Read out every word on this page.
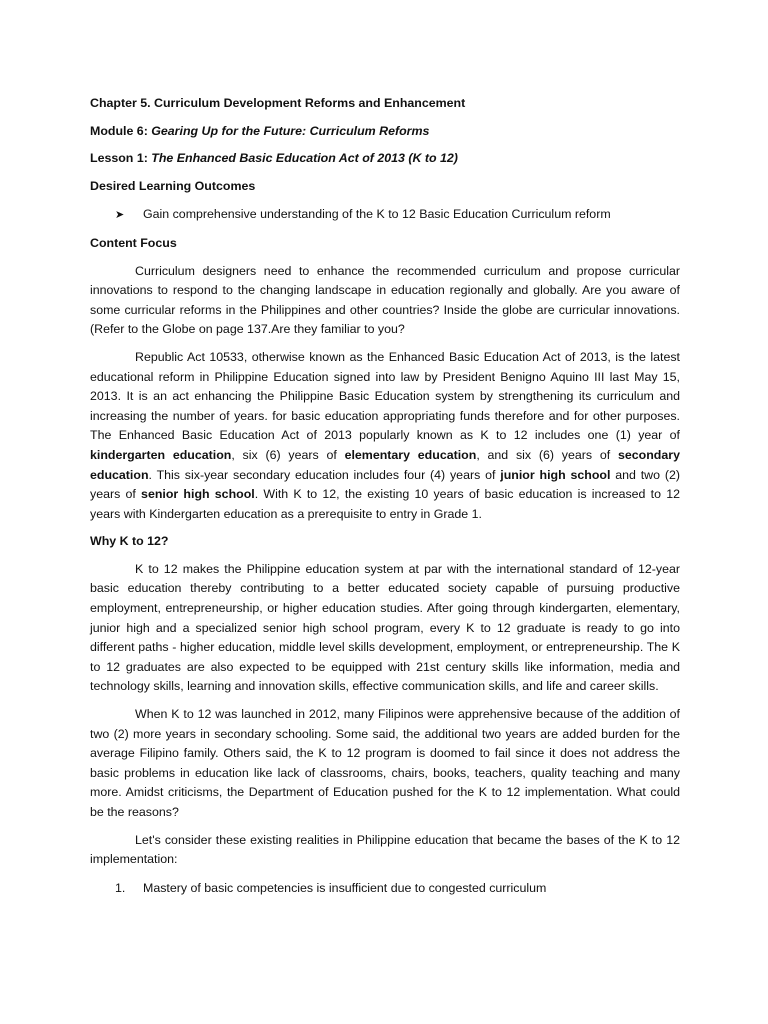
Chapter 5. Curriculum Development Reforms and Enhancement

Module 6: Gearing Up for the Future: Curriculum Reforms

Lesson 1: The Enhanced Basic Education Act of 2013 (K to 12)

Desired Learning Outcomes

➤	Gain comprehensive understanding of the K to 12 Basic Education Curriculum reform

Content Focus

Curriculum designers need to enhance the recommended curriculum and propose curricular innovations to respond to the changing landscape in education regionally and globally. Are you aware of some curricular reforms in the Philippines and other countries? Inside the globe are curricular innovations. (Refer to the Globe on page 137.Are they familiar to you?

Republic Act 10533, otherwise known as the Enhanced Basic Education Act of 2013, is the latest educational reform in Philippine Education signed into law by President Benigno Aquino III last May 15, 2013. It is an act enhancing the Philippine Basic Education system by strengthening its curriculum and increasing the number of years. for basic education appropriating funds therefore and for other purposes. The Enhanced Basic Education Act of 2013 popularly known as K to 12 includes one (1) year of kindergarten education, six (6) years of elementary education, and six (6) years of secondary education. This six-year secondary education includes four (4) years of junior high school and two (2) years of senior high school. With K to 12, the existing 10 years of basic education is increased to 12 years with Kindergarten education as a prerequisite to entry in Grade 1.

Why K to 12?

K to 12 makes the Philippine education system at par with the international standard of 12-year basic education thereby contributing to a better educated society capable of pursuing productive employment, entrepreneurship, or higher education studies. After going through kindergarten, elementary, junior high and a specialized senior high school program, every K to 12 graduate is ready to go into different paths - higher education, middle level skills development, employment, or entrepreneurship. The K to 12 graduates are also expected to be equipped with 21st century skills like information, media and technology skills, learning and innovation skills, effective communication skills, and life and career skills.

When K to 12 was launched in 2012, many Filipinos were apprehensive because of the addition of two (2) more years in secondary schooling. Some said, the additional two years are added burden for the average Filipino family. Others said, the K to 12 program is doomed to fail since it does not address the basic problems in education like lack of classrooms, chairs, books, teachers, quality teaching and many more. Amidst criticisms, the Department of Education pushed for the K to 12 implementation. What could be the reasons?

Let's consider these existing realities in Philippine education that became the bases of the K to 12 implementation:

1.	Mastery of basic competencies is insufficient due to congested curriculum
